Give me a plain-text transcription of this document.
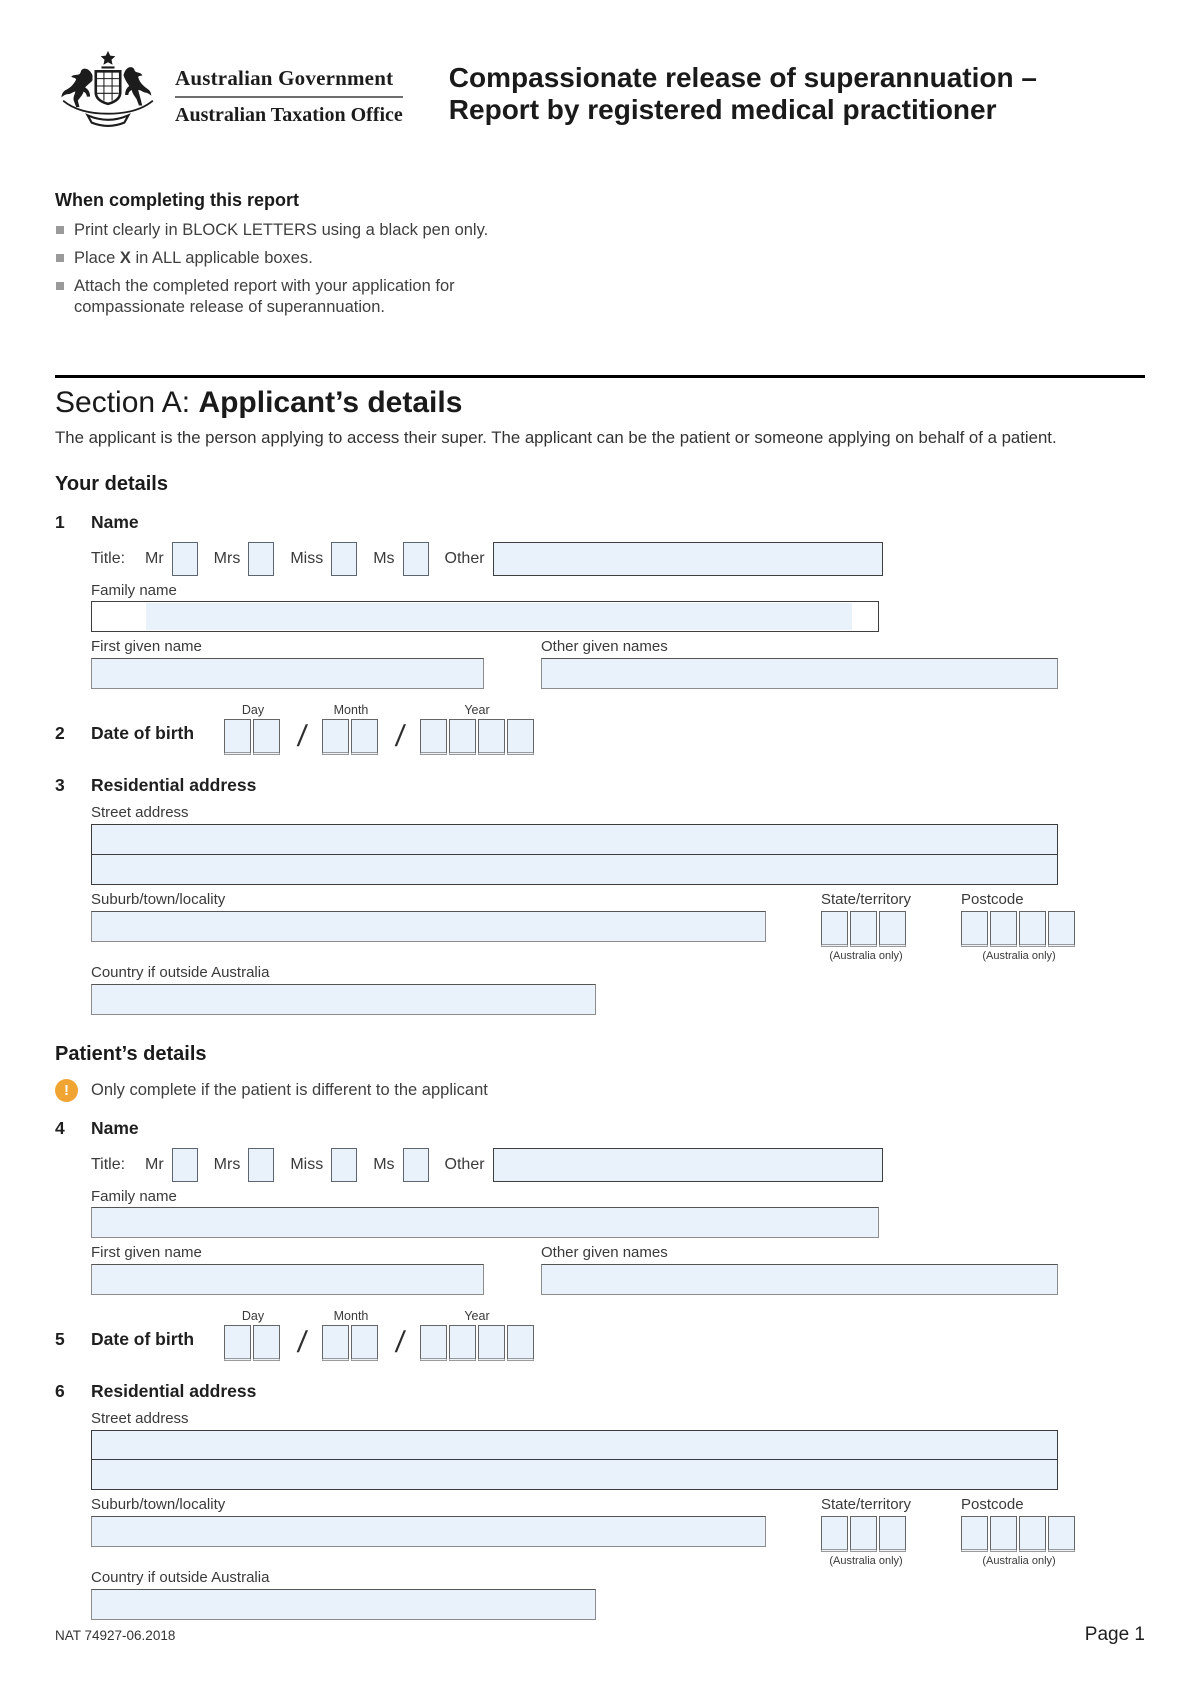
Australian Government
Australian Taxation Office
Compassionate release of superannuation –
Report by registered medical practitioner
When completing this report
Print clearly in BLOCK LETTERS using a black pen only.
Place X in ALL applicable boxes.
Attach the completed report with your application for compassionate release of superannuation.
Section A: Applicant’s details
The applicant is the person applying to access their super. The applicant can be the patient or someone applying on behalf of a patient.
Your details
1	Name
Title:	Mr	Mrs	Miss	Ms	Other
Family name
First given name	Other given names
2	Date of birth
Day	Month	Year
/	/
3	Residential address
Street address
Suburb/town/locality	State/territory
(Australia only)
Postcode
(Australia only)
Country if outside Australia
Patient’s details
!	Only complete if the patient is different to the applicant
4	Name
Title:	Mr	Mrs	Miss	Ms	Other
Family name
First given name	Other given names
5	Date of birth
Day	Month	Year
/	/
6	Residential address
Street address
Suburb/town/locality	State/territory
(Australia only)
Postcode
(Australia only)
Country if outside Australia
NAT 74927-06.2018	Page 1
